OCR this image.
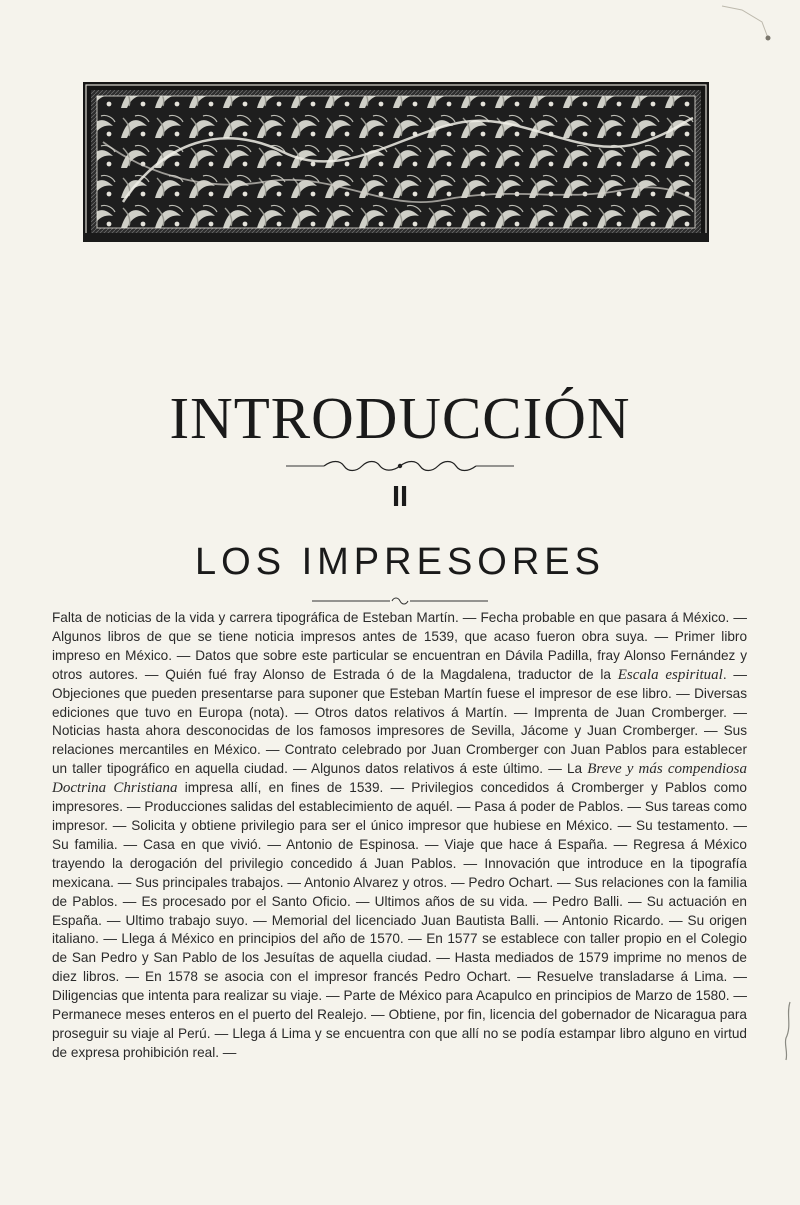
INTRODUCCIÓN
II
LOS IMPRESORES

Falta de noticias de la vida y carrera tipográfica de Esteban Martín. — Fecha probable en que pasara á México. — Algunos libros de que se tiene noticia impresos antes de 1539, que acaso fueron obra suya. — Primer libro impreso en México. — Datos que sobre este particular se encuentran en Dávila Padilla, fray Alonso Fernández y otros autores. — Quién fué fray Alonso de Estrada ó de la Magdalena, traductor de la Escala espiritual. — Objeciones que pueden presentarse para suponer que Esteban Martín fuese el impresor de ese libro. — Diversas ediciones que tuvo en Europa (nota). — Otros datos relativos á Martín. — Imprenta de Juan Cromberger. — Noticias hasta ahora desconocidas de los famosos impresores de Sevilla, Jácome y Juan Cromberger. — Sus relaciones mercantiles en México. — Contrato celebrado por Juan Cromberger con Juan Pablos para establecer un taller tipográfico en aquella ciudad. — Algunos datos relativos á este último. — La Breve y más compendiosa Doctrina Christiana impresa allí, en fines de 1539. — Privilegios concedidos á Cromberger y Pablos como impresores. — Producciones salidas del establecimiento de aquél. — Pasa á poder de Pablos. — Sus tareas como impresor. — Solicita y obtiene privilegio para ser el único impresor que hubiese en México. — Su testamento. — Su familia. — Casa en que vivió. — Antonio de Espinosa. — Viaje que hace á España. — Regresa á México trayendo la derogación del privilegio concedido á Juan Pablos. — Innovación que introduce en la tipografía mexicana. — Sus principales trabajos. — Antonio Alvarez y otros. — Pedro Ochart. — Sus relaciones con la familia de Pablos. — Es procesado por el Santo Oficio. — Ultimos años de su vida. — Pedro Balli. — Su actuación en España. — Ultimo trabajo suyo. — Memorial del licenciado Juan Bautista Balli. — Antonio Ricardo. — Su origen italiano. — Llega á México en principios del año de 1570. — En 1577 se establece con taller propio en el Colegio de San Pedro y San Pablo de los Jesuítas de aquella ciudad. — Hasta mediados de 1579 imprime no menos de diez libros. — En 1578 se asocia con el impresor francés Pedro Ochart. — Resuelve transladarse á Lima. — Diligencias que intenta para realizar su viaje. — Parte de México para Acapulco en principios de Marzo de 1580. — Permanece meses enteros en el puerto del Realejo. — Obtiene, por fin, licencia del gobernador de Nicaragua para proseguir su viaje al Perú. — Llega á Lima y se encuentra con que allí no se podía estampar libro alguno en virtud de expresa prohibición real. —
